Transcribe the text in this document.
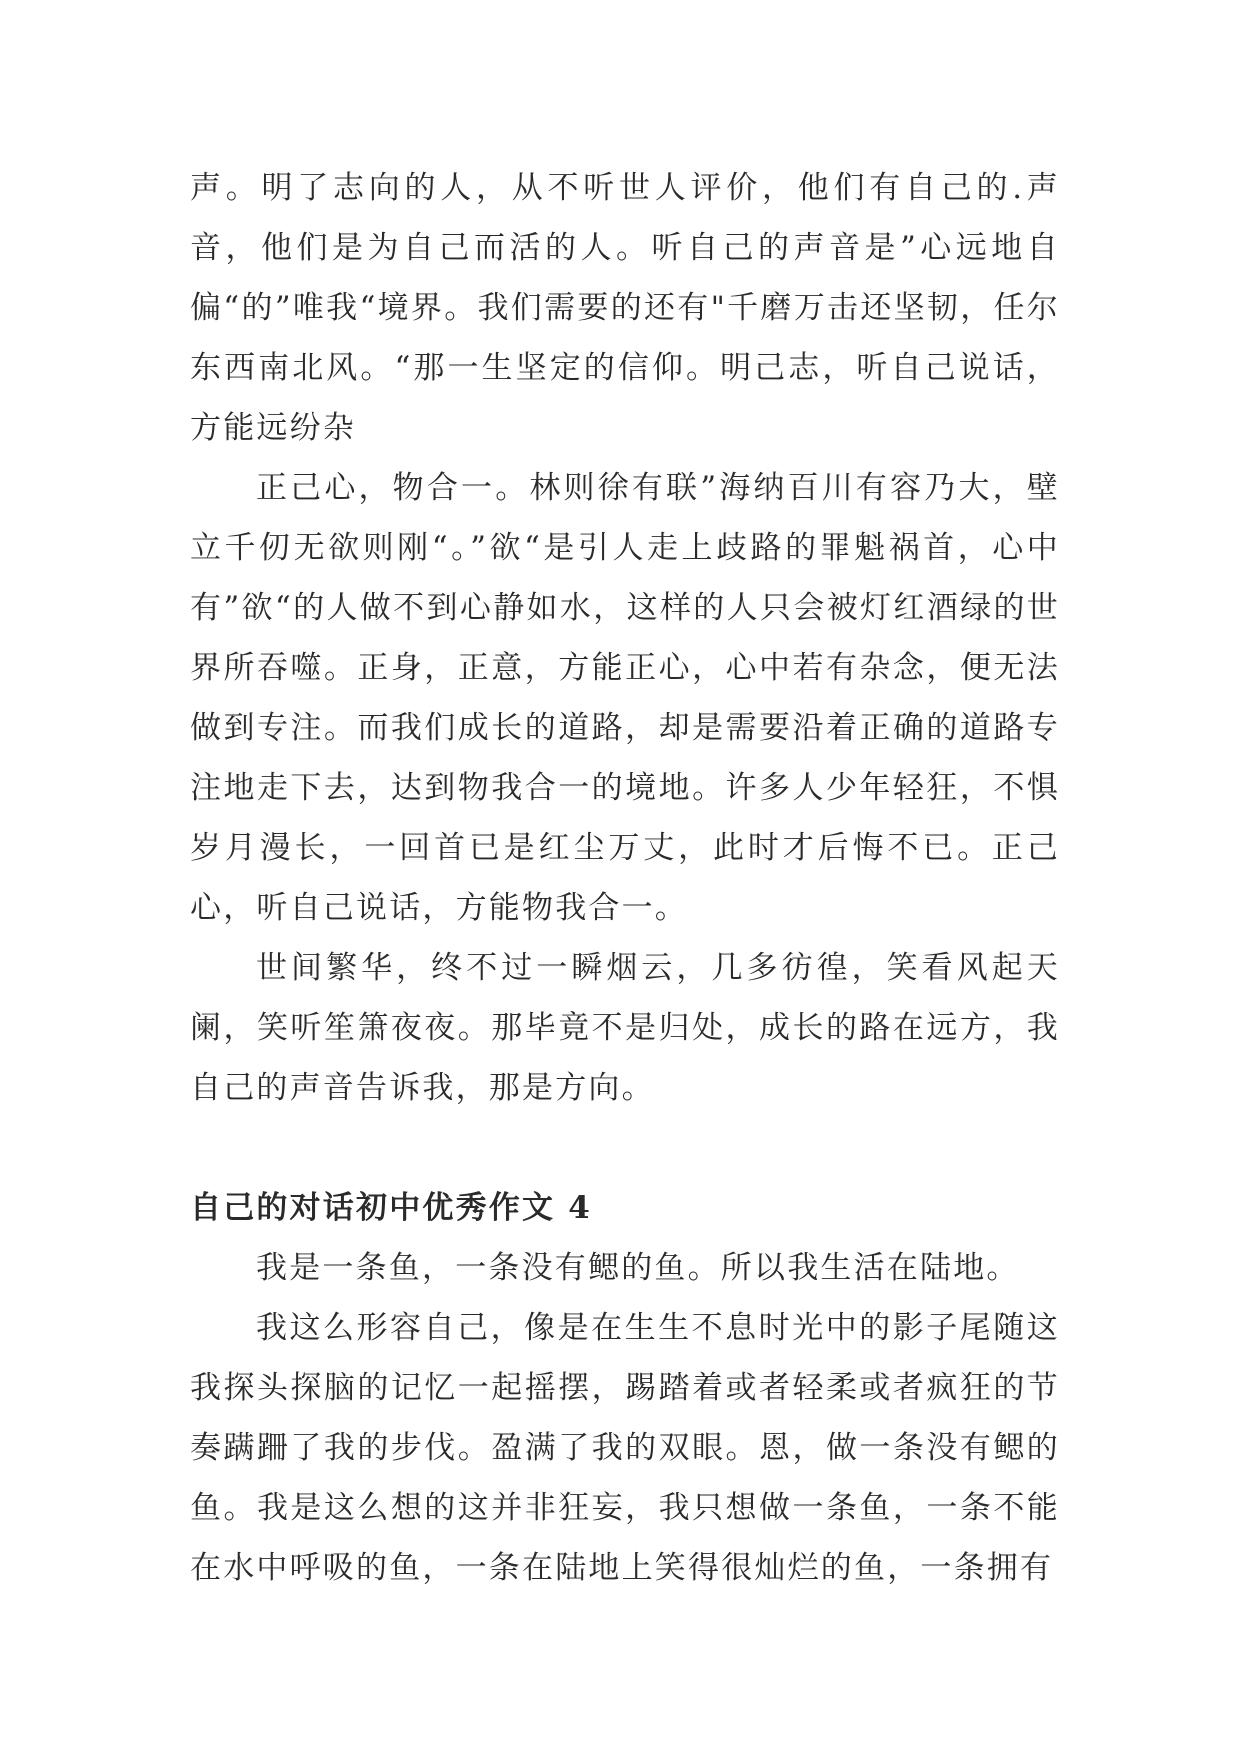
声。明了志向的人，从不听世人评价，他们有自己的.声音，他们是为自己而活的人。听自己的声音是”心远地自偏“的”唯我“境界。我们需要的还有"千磨万击还坚韧，任尔东西南北风。“那一生坚定的信仰。明己志，听自己说话，方能远纷杂

正己心，物合一。林则徐有联”海纳百川有容乃大，壁立千仞无欲则刚“。”欲“是引人走上歧路的罪魁祸首，心中有”欲“的人做不到心静如水，这样的人只会被灯红酒绿的世界所吞噬。正身，正意，方能正心，心中若有杂念，便无法做到专注。而我们成长的道路，却是需要沿着正确的道路专注地走下去，达到物我合一的境地。许多人少年轻狂，不惧岁月漫长，一回首已是红尘万丈，此时才后悔不已。正己心，听自己说话，方能物我合一。

世间繁华，终不过一瞬烟云，几多彷徨，笑看风起天阑，笑听笙箫夜夜。那毕竟不是归处，成长的路在远方，我自己的声音告诉我，那是方向。

自己的对话初中优秀作文 4

我是一条鱼，一条没有鳃的鱼。所以我生活在陆地。

我这么形容自己，像是在生生不息时光中的影子尾随这我探头探脑的记忆一起摇摆，踢踏着或者轻柔或者疯狂的节奏蹒跚了我的步伐。盈满了我的双眼。恩，做一条没有鳃的鱼。我是这么想的这并非狂妄，我只想做一条鱼，一条不能在水中呼吸的鱼，一条在陆地上笑得很灿烂的鱼，一条拥有
